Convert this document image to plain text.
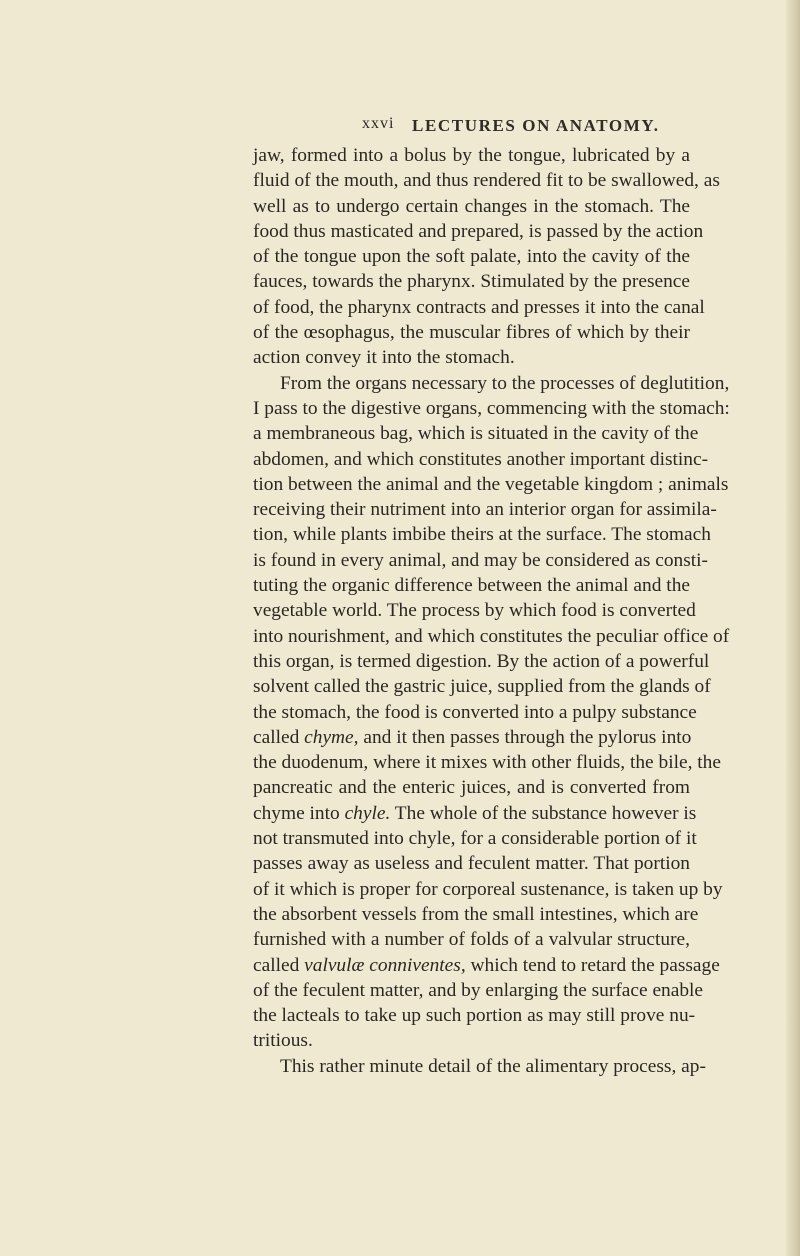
xxvi LECTURES ON ANATOMY.
jaw, formed into a bolus by the tongue, lubricated by a
fluid of the mouth, and thus rendered fit to be swallowed, as
well as to undergo certain changes in the stomach. The
food thus masticated and prepared, is passed by the action
of the tongue upon the soft palate, into the cavity of the
fauces, towards the pharynx. Stimulated by the presence
of food, the pharynx contracts and presses it into the canal
of the œsophagus, the muscular fibres of which by their
action convey it into the stomach.
From the organs necessary to the processes of deglutition,
I pass to the digestive organs, commencing with the stomach:
a membraneous bag, which is situated in the cavity of the
abdomen, and which constitutes another important distinc-
tion between the animal and the vegetable kingdom ; animals
receiving their nutriment into an interior organ for assimila-
tion, while plants imbibe theirs at the surface. The stomach
is found in every animal, and may be considered as consti-
tuting the organic difference between the animal and the
vegetable world. The process by which food is converted
into nourishment, and which constitutes the peculiar office of
this organ, is termed digestion. By the action of a powerful
solvent called the gastric juice, supplied from the glands of
the stomach, the food is converted into a pulpy substance
called chyme, and it then passes through the pylorus into
the duodenum, where it mixes with other fluids, the bile, the
pancreatic and the enteric juices, and is converted from
chyme into chyle. The whole of the substance however is
not transmuted into chyle, for a considerable portion of it
passes away as useless and feculent matter. That portion
of it which is proper for corporeal sustenance, is taken up by
the absorbent vessels from the small intestines, which are
furnished with a number of folds of a valvular structure,
called valvulæ conniventes, which tend to retard the passage
of the feculent matter, and by enlarging the surface enable
the lacteals to take up such portion as may still prove nu-
tritious.
This rather minute detail of the alimentary process, ap-
